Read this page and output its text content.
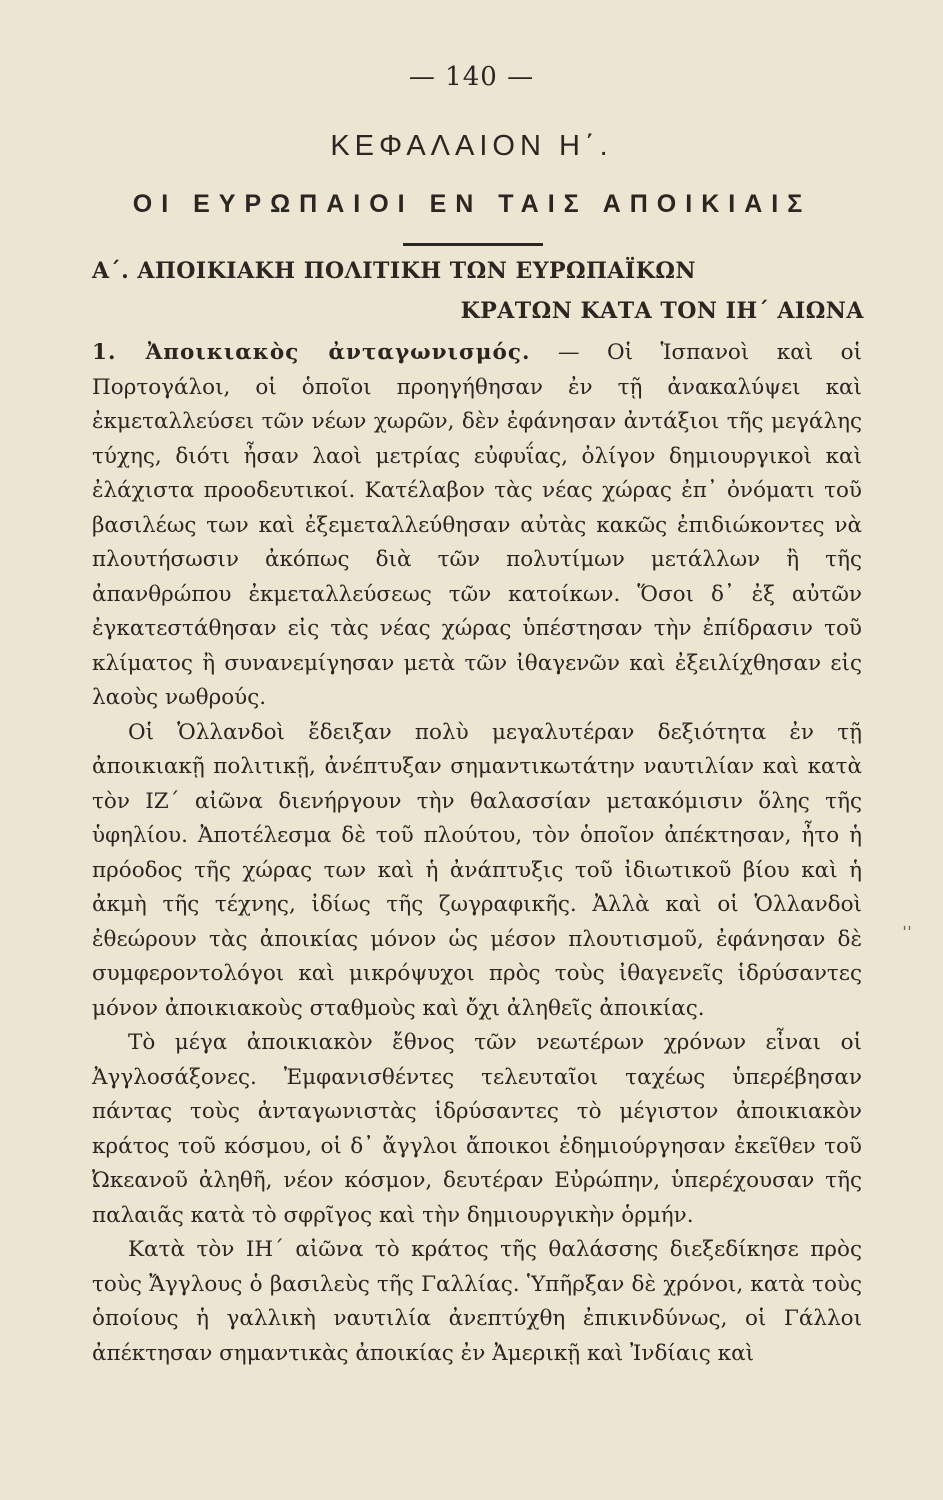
— 140 —
ΚΕΦΑΛΑΙΟΝ Η΄.
ΟΙ ΕΥΡΩΠΑΙΟΙ ΕΝ ΤΑΙΣ ΑΠΟΙΚΙΑΙΣ
Α΄. ΑΠΟΙΚΙΑΚΗ ΠΟΛΙΤΙΚΗ ΤΩΝ ΕΥΡΩΠΑΪΚΩΝ
ΚΡΑΤΩΝ ΚΑΤΑ ΤΟΝ ΙΗ΄ ΑΙΩΝΑ

1. Ἀποικιακὸς ἀνταγωνισμός. — Οἱ Ἱσπανοὶ καὶ οἱ Πορτογάλοι, οἱ ὁποῖοι προηγήθησαν ἐν τῇ ἀνακαλύψει καὶ ἐκμεταλλεύσει τῶν νέων χωρῶν, δὲν ἐφάνησαν ἀντάξιοι τῆς μεγάλης τύχης, διότι ἦσαν λαοὶ μετρίας εὐφυΐας, ὀλίγον δημιουργικοὶ καὶ ἐλάχιστα προοδευτικοί. Κατέλαβον τὰς νέας χώρας ἐπ᾽ ὀνόματι τοῦ βασιλέως των καὶ ἐξεμεταλλεύθησαν αὐτὰς κακῶς ἐπιδιώκοντες νὰ πλουτήσωσιν ἀκόπως διὰ τῶν πολυτίμων μετάλλων ἢ τῆς ἀπανθρώπου ἐκμεταλλεύσεως τῶν κατοίκων. Ὅσοι δ᾽ ἐξ αὐτῶν ἐγκατεστάθησαν εἰς τὰς νέας χώρας ὑπέστησαν τὴν ἐπίδρασιν τοῦ κλίματος ἢ συνανεμίγησαν μετὰ τῶν ἰθαγενῶν καὶ ἐξειλίχθησαν εἰς λαοὺς νωθρούς.

Οἱ Ὁλλανδοὶ ἔδειξαν πολὺ μεγαλυτέραν δεξιότητα ἐν τῇ ἀποικιακῇ πολιτικῇ, ἀνέπτυξαν σημαντικωτάτην ναυτιλίαν καὶ κατὰ τὸν ΙΖ΄ αἰῶνα διενήργουν τὴν θαλασσίαν μετακόμισιν ὅλης τῆς ὑφηλίου. Ἀποτέλεσμα δὲ τοῦ πλούτου, τὸν ὁποῖον ἀπέκτησαν, ἦτο ἡ πρόοδος τῆς χώρας των καὶ ἡ ἀνάπτυξις τοῦ ἰδιωτικοῦ βίου καὶ ἡ ἀκμὴ τῆς τέχνης, ἰδίως τῆς ζωγραφικῆς. Ἀλλὰ καὶ οἱ Ὁλλανδοὶ ἐθεώρουν τὰς ἀποικίας μόνον ὡς μέσον πλουτισμοῦ, ἐφάνησαν δὲ συμφεροντολόγοι καὶ μικρόψυχοι πρὸς τοὺς ἰθαγενεῖς ἱδρύσαντες μόνον ἀποικιακοὺς σταθμοὺς καὶ ὄχι ἀληθεῖς ἀποικίας.

Τὸ μέγα ἀποικιακὸν ἔθνος τῶν νεωτέρων χρόνων εἶναι οἱ Ἀγγλοσάξονες. Ἐμφανισθέντες τελευταῖοι ταχέως ὑπερέβησαν πάντας τοὺς ἀνταγωνιστὰς ἱδρύσαντες τὸ μέγιστον ἀποικιακὸν κράτος τοῦ κόσμου, οἱ δ᾽ ἄγγλοι ἄποικοι ἐδημιούργησαν ἐκεῖθεν τοῦ Ὠκεανοῦ ἀληθῆ, νέον κόσμον, δευτέραν Εὐρώπην, ὑπερέχουσαν τῆς παλαιᾶς κατὰ τὸ σφρῖγος καὶ τὴν δημιουργικὴν ὁρμήν.

Κατὰ τὸν ΙΗ΄ αἰῶνα τὸ κράτος τῆς θαλάσσης διεξεδίκησε πρὸς τοὺς Ἄγγλους ὁ βασιλεὺς τῆς Γαλλίας. Ὑπῆρξαν δὲ χρόνοι, κατὰ τοὺς ὁποίους ἡ γαλλικὴ ναυτιλία ἀνεπτύχθη ἐπικινδύνως, οἱ Γάλλοι ἀπέκτησαν σημαντικὰς ἀποικίας ἐν Ἀμερικῇ καὶ Ἰνδίαις καὶ

ˌˌ
